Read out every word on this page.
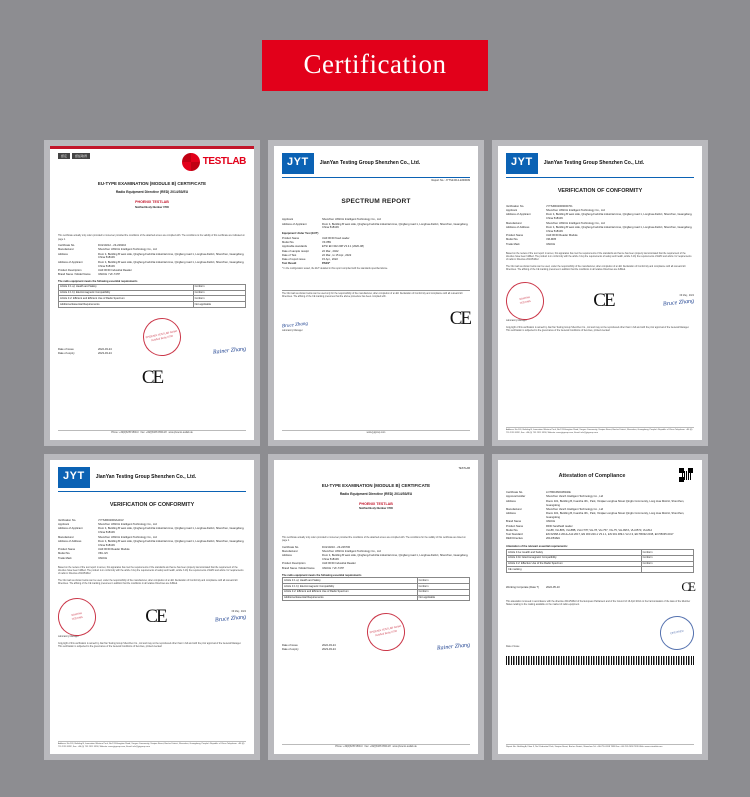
Certification
vanch.en.alibaba.com
認定	認証取得	TESTLAB
EU-TYPE EXAMINATION (MODULE B) CERTIFICATE
Radio Equipment Directive (RED) 2014/53/EU
PHOENIX TESTLAB
Notified Body Number 0700
This certificate actually only refers provided to moreover provided the conditions of the attached annex are complied with. The conditions to the validity of this certificate are indicated on page 2.
Certificate No.	DU210212 - 23-229210
Manufacturer	Shenzhen VANCH Intelligent Technology Co., Ltd
Address	Floor 4, Building B west side, Qingfeng-FuAnNa industrial zone, Qingfeng road 1, Longhua district, Shenzhen, Guangdong, China 518109
Address of Applicant	Floor 4, Building B west side, Qingfeng-FuAnNa industrial zone, Qingfeng road 1, Longhua district, Shenzhen, Guangdong, China 518109
Product Description	UHF RFID Industrial Reader
Brand Name / Model Name	VANCH / VF-747P
The radio equipment meets the following essential requirements
Article 3.1 a): Health and Safety	Conform
Article 3.1 b): Electromagnetic Compatibility	Conform
Article 3.2: Efficient and Efficient Use of Radio Spectrum	Conform
Additional Essential Requirements	Not applicable
Date of issue	2022-03-24
Date of expiry	2023-03-24
PHOENIX TESTLAB GmbH Notified Body 0700
Rainer Zhang
CE
Phone: +49(0)5235 9500-0   Fax: +49(0)5235 9500-28   www.phoenix-testlab.de
JYT	JianYan Testing Group Shenzhen Co., Ltd.
Report No.: JYTSZ-R12-2200009
SPECTRUM REPORT
Applicant	Shenzhen VANCH Intelligent Technology Co., Ltd
Address of Applicant	Floor 4, Building B west side, Qingfeng-FuAnNa industrial zone, Qingfeng road 1, Longhua district, Shenzhen, Guangdong, China 518109
Equipment Under Test (EUT)
Product Name	UHF RFID fixed reader
Model No.	VF-889
Applicable standards	ETSI EN 302 208 V3.3.1 (2020-08)
Date of sample receipt	22 Mar., 2022
Date of Test	22 Mar., to 15 Apr., 2022
Date of report issue	15 Apr., 2022
Test Result	PASS*
* In the configuration tested, the EUT detailed in this report complied with the standards specified above.
The CE mark as shown below can be used only for the responsibility of the manufacturer, after completion of an EC Declaration of Conformity and compliance with all relevant EC Directives. The affixing of the CE marking presumes that the above procedure has been complied with.
Bruce Zhang
Laboratory Manager
CE
www.jytgroup.com
JYT	JianYan Testing Group Shenzhen Co., Ltd.
VERIFICATION OF CONFORMITY
Verification No.	JYTSZR02009000701
Applicant	Shenzhen VANCH Intelligent Technology Co., Ltd
Address of Applicant	Floor 4, Building B west side, Qingfeng-FuAnNa industrial zone, Qingfeng road 1, Longhua district, Shenzhen, Guangdong, China 518109
Manufacturer	Shenzhen VANCH Intelligent Technology Co., Ltd
Address of Address	Floor 4, Building B west side, Qingfeng-FuAnNa industrial zone, Qingfeng road 1, Longhua district, Shenzhen, Guangdong, China 518109
Product Name	UHF RFID Reader Module
Model No.	VM-M05
Trade Mark	VANCH
Based on the review of the test report in annex, this apparatus has met the requirements of the standards and hence has been properly demonstrated that the requirement of the directive have been fulfilled. The product is in conformity with the article 3.1a) the requirements of safety and health, article 3.1b) the requirements of EMC and article 3.2 requirements of radio in Directive 2014/53/EU.
The CE mark as shown below can be used, under the responsibility of the manufacturer, after completion of an EC Declaration of Conformity and compliance with all relevant EC Directives. The affixing of the CE marking presumes in addition that the conditions in all relative Directives are fulfilled.
JIANYAN
TESTING	CE	09 May., 2022
Bruce Zhang
Laboratory Manager
Copyright of this verification is owned by JianYan Testing Group Shenzhen Co., Ltd and may not be reproduced other than in full and with the prior approval of the General Manager. This verification is subjected to the governance of the General Conditions of Services, printed overleaf.
Address: No.101, Building B, Innovation Western Park, No.133 Hongtian Road, Yongan Community, Xinqiao Street, Bao'an District, Shenzhen, Guangdong, People's Republic of China Telephone: +86 (0) 755 2311 8282, Fax: +86 (0) 755 2311 3358, Website: www.jytgroup.com, Email: info@jytgroup.com
JYT	JianYan Testing Group Shenzhen Co., Ltd.
VERIFICATION OF CONFORMITY
Verification No.	JYTSZR02009A401V
Applicant	Shenzhen VANCH Intelligent Technology Co., Ltd
Address of Applicant	Floor 4, Building B west side, Qingfeng-FuAnNa industrial zone, Qingfeng road 1, Longhua district, Shenzhen, Guangdong, China 518109
Manufacturer	Shenzhen VANCH Intelligent Technology Co., Ltd
Address of Address	Floor 4, Building B west side, Qingfeng-FuAnNa industrial zone, Qingfeng road 1, Longhua district, Shenzhen, Guangdong, China 518109
Product Name	UHF RFID Reader Module
Model No.	V6U-G5
Trade Mark	VANCH
Based on the review of the test report in annex, this apparatus has met the requirements of the standards and hence has been properly demonstrated that the requirement of the directive have been fulfilled. The product is in conformity with the article 3.1a) the requirements of safety and health, article 3.1b) the requirements of EMC and article 3.2 requirements of radio in Directive 2014/53/EU.
The CE mark as shown below can be used, under the responsibility of the manufacturer, after completion of an EC Declaration of Conformity and compliance with all relevant EC Directives. The affixing of the CE marking presumes in addition that the conditions in all relative Directives are fulfilled.
JIANYAN
TESTING	CE	09 May., 2022
Bruce Zhang
Laboratory Manager
Copyright of this verification is owned by JianYan Testing Group Shenzhen Co., Ltd and may not be reproduced other than in full and with the prior approval of the General Manager. This verification is subjected to the governance of the General Conditions of Services, printed overleaf.
Address: No.101, Building B, Innovation Western Park, No.133 Hongtian Road, Yongan Community, Xinqiao Street, Bao'an District, Shenzhen, Guangdong, People's Republic of China Telephone: +86 (0) 755 2311 8282, Fax: +86 (0) 755 2311 3358, Website: www.jytgroup.com, Email: info@jytgroup.com
TESTLAB
EU-TYPE EXAMINATION (MODULE B) CERTIFICATE
Radio Equipment Directive (RED) 2014/53/EU
PHOENIX TESTLAB
Notified Body Number 0700
This certificate actually only refers provided to moreover provided the conditions of the attached annex are complied with. The conditions for the validity of this certificate are listed on page 2.
Certificate No.	DU210210 - 23-226700
Manufacturer	Shenzhen VANCH Intelligent Technology Co., Ltd
Address	Floor 4, Building B west side, Qingfeng-FuAnNa industrial zone, Qingfeng road 1, Longhua district, Shenzhen, Guangdong, China 518109
Product Description	UHF RFID Industrial Reader
Brand Name / Model Name	VANCH / VF-747P
The radio equipment meets the following essential requirements
Article 3.1 a): Health and Safety	Conform
Article 3.1 b): Electromagnetic Compatibility	Conform
Article 3.2: Efficient and Efficient Use of Radio Spectrum	Conform
Additional Essential Requirements	Not applicable
Date of issue	2022-03-24
Date of expiry	2023-03-24
PHOENIX TESTLAB GmbH Notified Body 0700
Rainer Zhang
Phone: +49(0)5235 9500-0   Fax: +49(0)5235 9500-28   www.phoenix-testlab.de
Attestation of Compliance
Certificate No.	LO7801660048340E
Approval Holder	Shenzhen Vanch Intelligent Technology Co., Ltd
Address	Room 401, Building B, Fuaniha t3h., Park, Xinqiao Longhua Street Qingfu Community, Long Hua District, Shenzhen, Guangdong
Manufacturer	Shenzhen Vanch Intelligent Technology Co., Ltd
Address	Room 401, Building B, Fuaniha t3h., Park, Xinqiao Longhua Street Qingfu Community, Long Hua District, Shenzhen, Guangdong
Brand Name	VANCH
Product Name	RFID handheld reader
Model No.	VH-88, VH-88S, VH-88B, VH-C77P, VH-78, VH-757, VG-75, VH-99TA, VH-6573, VH-812
Test Standard	EN 62368-1:2014+A11:2017, EN 300 220-1 V3.1.1, EN 301 489-1 V2.2.3, EN 55032:2015, EN 55035:2017
RED Directive	2014/53/EU
Attestation of the relevant essential requirements:
Article 3.1a: Health and Safety	Conform
Article 3.1b: Electromagnetic Compatibility	Conform
Article 3.2: Effective Use of the Radio Spectrum	Conform
CE marking	
Working Corporate (Date ?)	2022-05-10	CE
This attestation is issued in accordance with the directive 2014/53/EU of the European Parliament and of the Council of 16 April 2014 on the harmonisation of the laws of the Member States relating to the making available on the market of radio equipment.
Date of issue
CERTIFIED
Report No.: Building A, Floor 3, No.3 Industrial Park, Xinqiao Street, Bao'an District, Shenzhen Tel: +86-755-2658 7838 Fax: +86-755-2658 7839 Web: www.cntestlab.com
